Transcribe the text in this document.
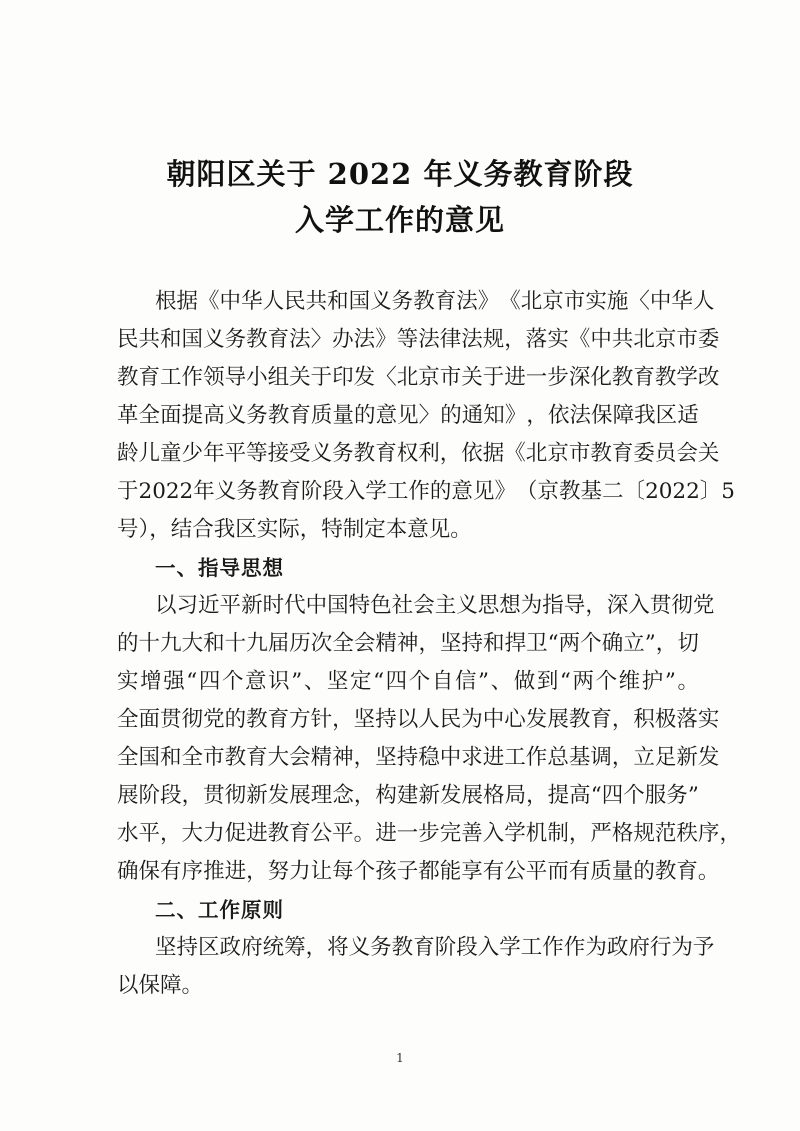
朝阳区关于 2022 年义务教育阶段
入学工作的意见
根 据 《 中 华 人 民 共 和 国 义 务 教 育 法 》 《 北 京 市 实 施 〈 中 华 人
民 共 和 国 义 务 教 育 法 〉 办 法 》 等 法 律 法 规 ， 落 实 《 中 共 北 京 市 委
教 育 工 作 领 导 小 组 关 于 印 发 〈 北 京 市 关 于 进 一 步 深 化 教 育 教 学 改
革 全 面 提 高 义 务 教 育 质 量 的 意 见 〉 的 通 知 》 ， 依 法 保 障 我 区 适
龄 儿 童 少 年 平 等 接 受 义 务 教 育 权 利 ， 依 据 《 北 京 市 教 育 委 员 会 关
于 2022 年 义 务 教 育 阶 段 入 学 工 作 的 意 见 》 （ 京 教 基 二 〔 2022 〕 5
号），结合我区实际，特制定本意见。
一、指导思想
以 习 近 平 新 时 代 中 国 特 色 社 会 主 义 思 想 为 指 导 ， 深 入 贯 彻 党
的 十 九 大 和 十 九 届 历 次 全 会 精 神 ， 坚 持 和 捍 卫 “ 两 个 确 立 ” ， 切
实 增 强 “ 四 个 意 识 ” 、 坚 定 “ 四 个 自 信 ” 、 做 到 “ 两 个 维 护 ” 。
全 面 贯 彻 党 的 教 育 方 针 ， 坚 持 以 人 民 为 中 心 发 展 教 育 ， 积 极 落 实
全 国 和 全 市 教 育 大 会 精 神 ， 坚 持 稳 中 求 进 工 作 总 基 调 ， 立 足 新 发
展 阶 段 ， 贯 彻 新 发 展 理 念 ， 构 建 新 发 展 格 局 ， 提 高 “ 四 个 服 务 ”
水 平 ， 大 力 促 进 教 育 公 平 。 进 一 步 完 善 入 学 机 制 ， 严 格 规 范 秩 序 ，
确 保 有 序 推 进 ， 努 力 让 每 个 孩 子 都 能 享 有 公 平 而 有 质 量 的 教 育 。
二、工作原则
坚 持 区 政 府 统 筹 ， 将 义 务 教 育 阶 段 入 学 工 作 作 为 政 府 行 为 予
以保障。
1
